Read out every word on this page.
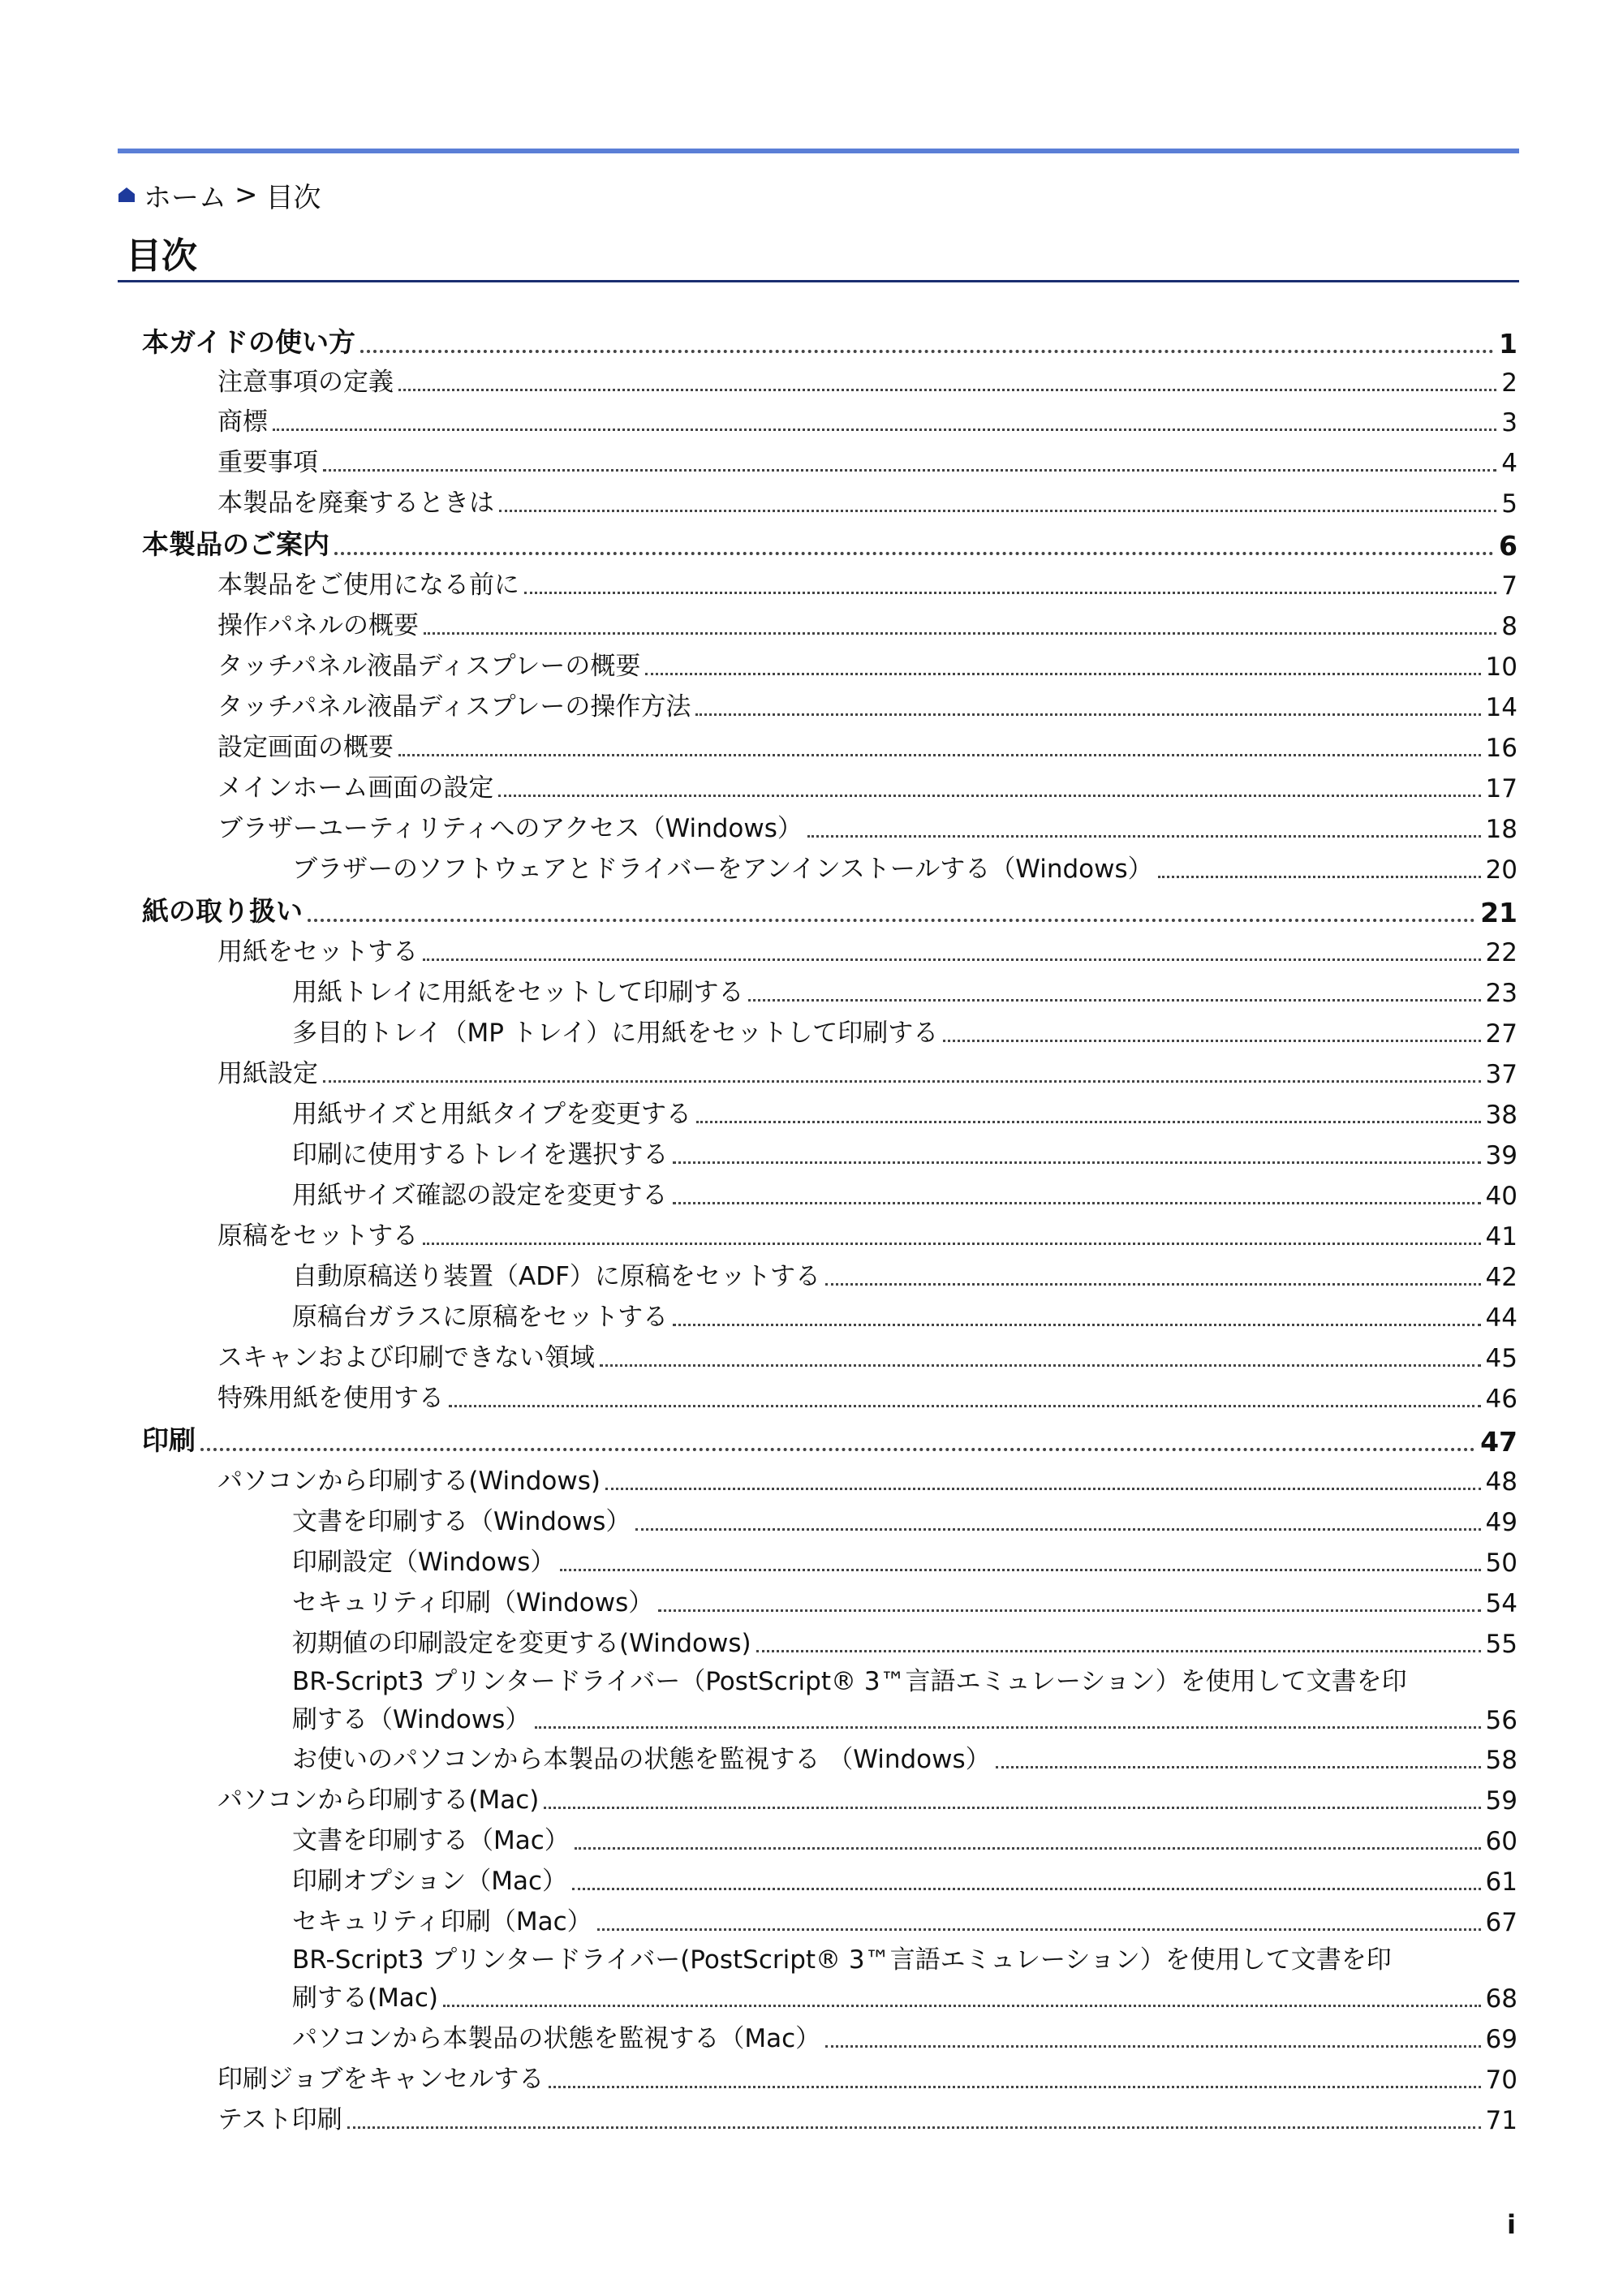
ホーム > 目次
目次
本ガイドの使い方	1
注意事項の定義	2
商標	3
重要事項	4
本製品を廃棄するときは	5
本製品のご案内	6
本製品をご使用になる前に	7
操作パネルの概要	8
タッチパネル液晶ディスプレーの概要	10
タッチパネル液晶ディスプレーの操作方法	14
設定画面の概要	16
メインホーム画面の設定	17
ブラザーユーティリティへのアクセス（Windows）	18
ブラザーのソフトウェアとドライバーをアンインストールする（Windows）	20
紙の取り扱い	21
用紙をセットする	22
用紙トレイに用紙をセットして印刷する	23
多目的トレイ（MP トレイ）に用紙をセットして印刷する	27
用紙設定	37
用紙サイズと用紙タイプを変更する	38
印刷に使用するトレイを選択する	39
用紙サイズ確認の設定を変更する	40
原稿をセットする	41
自動原稿送り装置（ADF）に原稿をセットする	42
原稿台ガラスに原稿をセットする	44
スキャンおよび印刷できない領域	45
特殊用紙を使用する	46
印刷	47
パソコンから印刷する(Windows)	48
文書を印刷する（Windows）	49
印刷設定（Windows）	50
セキュリティ印刷（Windows）	54
初期値の印刷設定を変更する(Windows)	55
BR-Script3 プリンタードライバー（PostScript® 3™言語エミュレーション）を使用して文書を印
刷する（Windows）	56
お使いのパソコンから本製品の状態を監視する （Windows）	58
パソコンから印刷する(Mac)	59
文書を印刷する（Mac）	60
印刷オプション（Mac）	61
セキュリティ印刷（Mac）	67
BR-Script3 プリンタードライバー(PostScript® 3™言語エミュレーション）を使用して文書を印
刷する(Mac)	68
パソコンから本製品の状態を監視する（Mac）	69
印刷ジョブをキャンセルする	70
テスト印刷	71
i
